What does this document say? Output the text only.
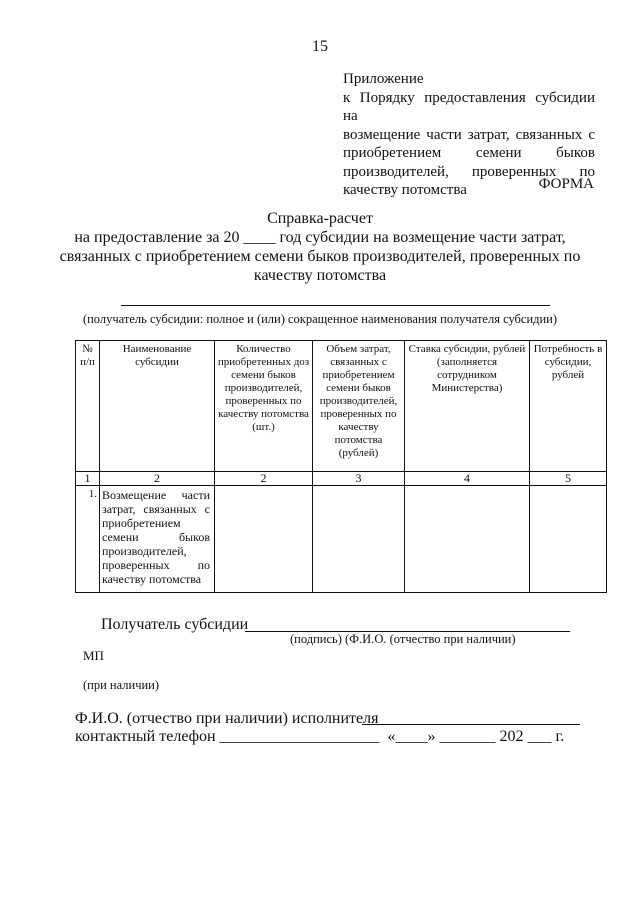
15
Приложение
к Порядку предоставления субсидии на
возмещение части затрат, связанных с
приобретением семени быков
производителей, проверенных по
качеству потомства	ФОРМА
Справка-расчет
на предоставление за 20 ____ год субсидии на возмещение части затрат,
связанных с приобретением семени быков производителей, проверенных по
качеству потомства
(получатель субсидии: полное и (или) сокращенное наименования получателя субсидии)
№ п/п	Наименование субсидии	Количество приобретенных доз семени быков производителей, проверенных по качеству потомства (шт.)	Объем затрат, связанных с приобретением семени быков производителей, проверенных по качеству потомства (рублей)	Ставка субсидии, рублей (заполняется сотрудником Министерства)	Потребность в субсидии, рублей
1	2	2	3	4	5
1.	Возмещение части затрат, связанных с приобретением семени быков производителей, проверенных по качеству потомства				
Получатель субсидии
(подпись) (Ф.И.О. (отчество при наличии)
МП
(при наличии)
Ф.И.О. (отчество при наличии) исполнителя
контактный телефон ____________________  «____» _______ 202 ___ г.
